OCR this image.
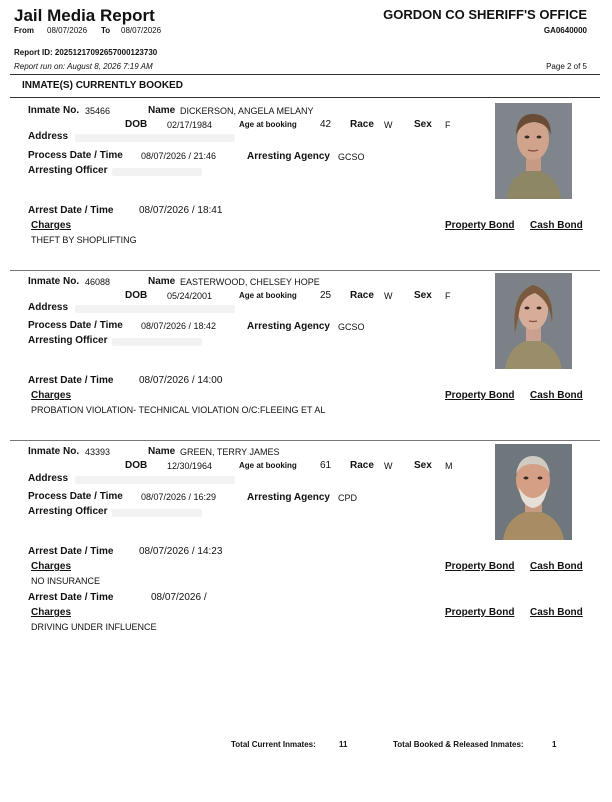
Jail Media Report
From 08/07/2026 To 08/07/2026
GORDON CO SHERIFF'S OFFICE
GA0640000
Report ID: 20251217092657000123730
Report run on: August 8, 2026 7:19 AM	Page 2 of 5
INMATE(S) CURRENTLY BOOKED
Inmate No. 35466	Name DICKERSON, ANGELA MELANY
DOB 02/17/1984	Age at booking 42 Race W Sex F
Address
Process Date / Time 08/07/2026 / 21:46	Arresting Agency GCSO
Arresting Officer
Arrest Date / Time	08/07/2026 / 18:41
Charges	Property Bond Cash Bond
THEFT BY SHOPLIFTING
Inmate No. 46088	Name EASTERWOOD, CHELSEY HOPE
DOB 05/24/2001	Age at booking 25 Race W Sex F
Address
Process Date / Time 08/07/2026 / 18:42	Arresting Agency GCSO
Arresting Officer
Arrest Date / Time	08/07/2026 / 14:00
Charges	Property Bond Cash Bond
PROBATION VIOLATION- TECHNICAL VIOLATION O/C:FLEEING ET AL
Inmate No. 43393	Name GREEN, TERRY JAMES
DOB 12/30/1964	Age at booking 61 Race W Sex M
Address
Process Date / Time 08/07/2026 / 16:29	Arresting Agency CPD
Arresting Officer
Arrest Date / Time	08/07/2026 / 14:23
Charges	Property Bond Cash Bond
NO INSURANCE
Arrest Date / Time	08/07/2026 /
Charges	Property Bond Cash Bond
DRIVING UNDER INFLUENCE
Total Current Inmates:	11	Total Booked & Released Inmates:	1
